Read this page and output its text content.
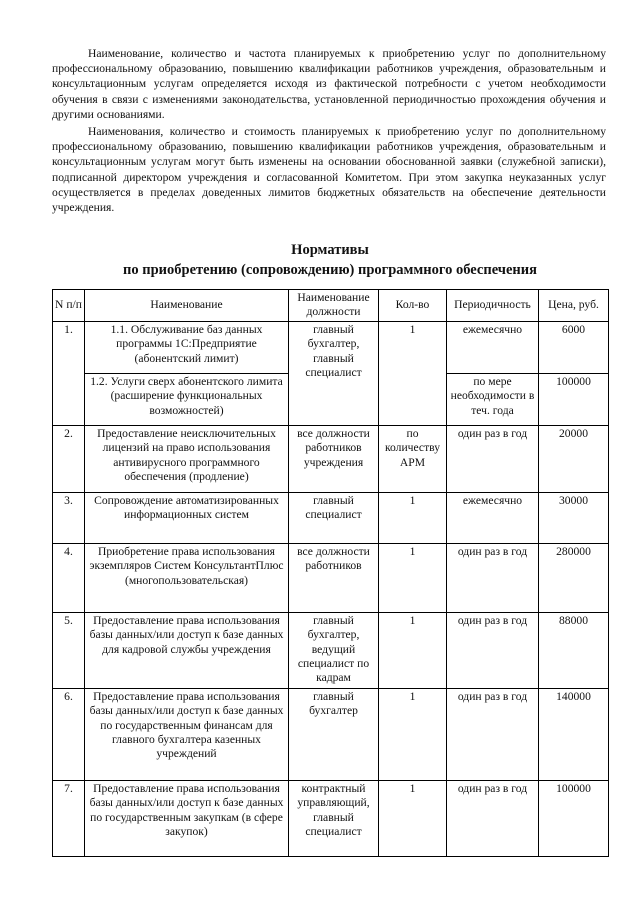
Наименование, количество и частота планируемых к приобретению услуг по дополнительному профессиональному образованию, повышению квалификации работников учреждения, образовательным и консультационным услугам определяется исходя из фактической потребности с учетом необходимости обучения в связи с изменениями законодательства, установленной периодичностью прохождения обучения и другими основаниями.

Наименования, количество и стоимость планируемых к приобретению услуг по дополнительному профессиональному образованию, повышению квалификации работников учреждения, образовательным и консультационным услугам могут быть изменены на основании обоснованной заявки (служебной записки), подписанной директором учреждения и согласованной Комитетом. При этом закупка неуказанных услуг осуществляется в пределах доведенных лимитов бюджетных обязательств на обеспечение деятельности учреждения.

Нормативы
по приобретению (сопровождению) программного обеспечения
N п/п	Наименование	Наименование должности	Кол-во	Периодичность	Цена, руб.
1.	1.1. Обслуживание баз данных программы 1С:Предприятие (абонентский лимит)	главный бухгалтер, главный специалист	1	ежемесячно	6000
	1.2. Услуги сверх абонентского лимита (расширение функциональных возможностей)			по мере необходимости в теч. года	100000
2.	Предоставление неисключительных лицензий на право использования антивирусного программного обеспечения (продление)	все должности работников учреждения	по количеству АРМ	один раз в год	20000
3.	Сопровождение автоматизированных информационных систем	главный специалист	1	ежемесячно	30000
4.	Приобретение права использования экземпляров Систем КонсультантПлюс (многопользовательская)	все должности работников	1	один раз в год	280000
5.	Предоставление права использования базы данных/или доступ к базе данных для кадровой службы учреждения	главный бухгалтер, ведущий специалист по кадрам	1	один раз в год	88000
6.	Предоставление права использования базы данных/или доступ к базе данных по государственным финансам для главного бухгалтера казенных учреждений	главный бухгалтер	1	один раз в год	140000
7.	Предоставление права использования базы данных/или доступ к базе данных по государственным закупкам (в сфере закупок)	контрактный управляющий, главный специалист	1	один раз в год	100000
